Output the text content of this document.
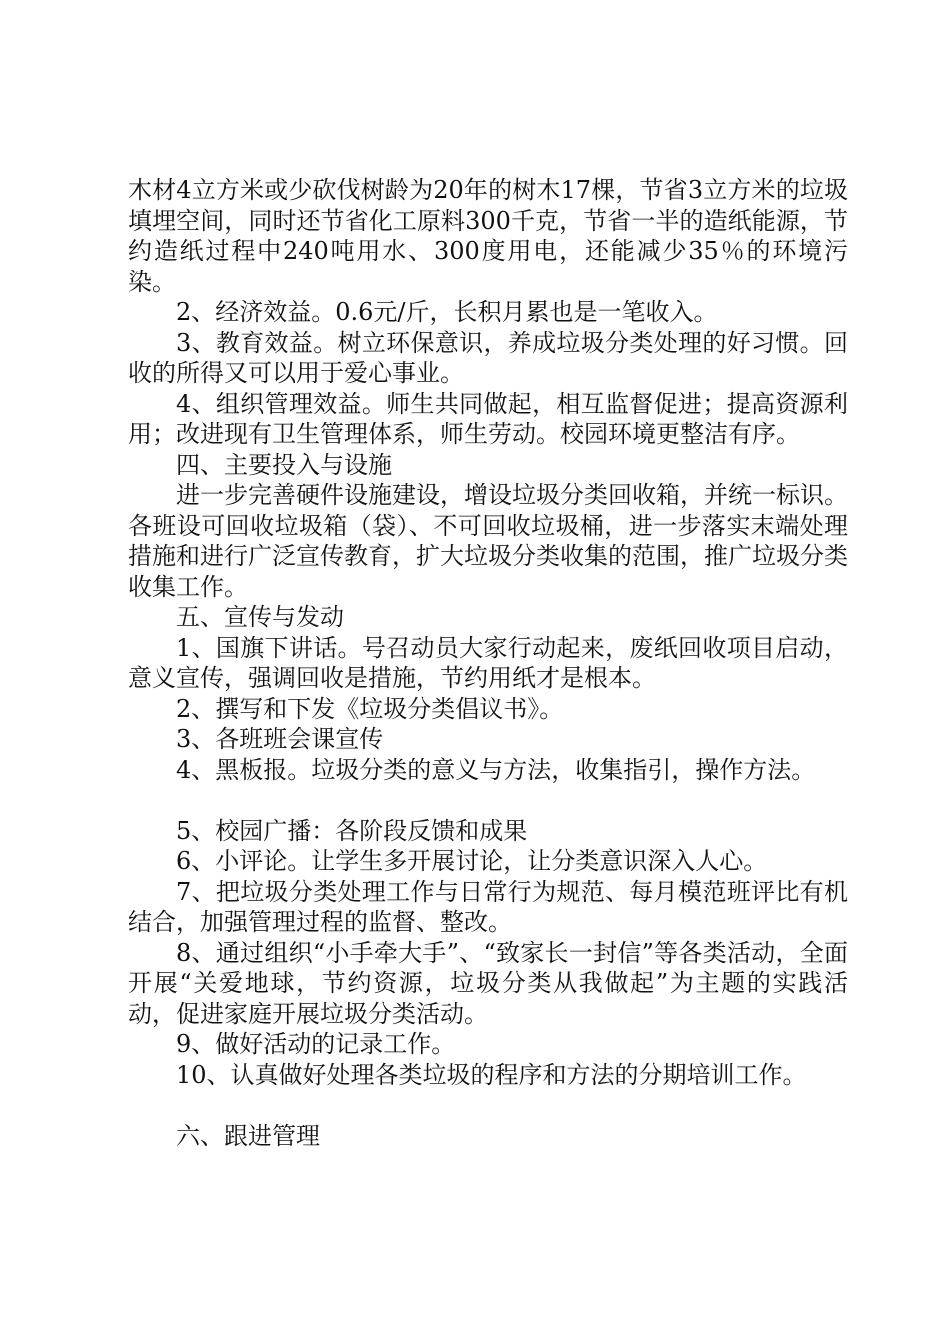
木材4立方米或少砍伐树龄为20年的树木17棵，节省3立方米的垃圾填埋空间，同时还节省化工原料300千克，节省一半的造纸能源，节约造纸过程中240吨用水、300度用电，还能减少35％的环境污染。

2、经济效益。0.6元/斤，长积月累也是一笔收入。

3、教育效益。树立环保意识，养成垃圾分类处理的好习惯。回收的所得又可以用于爱心事业。

4、组织管理效益。师生共同做起，相互监督促进；提高资源利用；改进现有卫生管理体系，师生劳动。校园环境更整洁有序。

四、主要投入与设施

进一步完善硬件设施建设，增设垃圾分类回收箱，并统一标识。各班设可回收垃圾箱（袋）、不可回收垃圾桶，进一步落实末端处理措施和进行广泛宣传教育，扩大垃圾分类收集的范围，推广垃圾分类收集工作。

五、宣传与发动

1、国旗下讲话。号召动员大家行动起来，废纸回收项目启动，意义宣传，强调回收是措施，节约用纸才是根本。

2、撰写和下发《垃圾分类倡议书》。

3、各班班会课宣传

4、黑板报。垃圾分类的意义与方法，收集指引，操作方法。

5、校园广播：各阶段反馈和成果

6、小评论。让学生多开展讨论，让分类意识深入人心。

7、把垃圾分类处理工作与日常行为规范、每月模范班评比有机结合，加强管理过程的监督、整改。

8、通过组织“小手牵大手”、“致家长一封信”等各类活动，全面开展“关爱地球，节约资源，垃圾分类从我做起”为主题的实践活动，促进家庭开展垃圾分类活动。

9、做好活动的记录工作。

10、认真做好处理各类垃圾的程序和方法的分期培训工作。

六、跟进管理
